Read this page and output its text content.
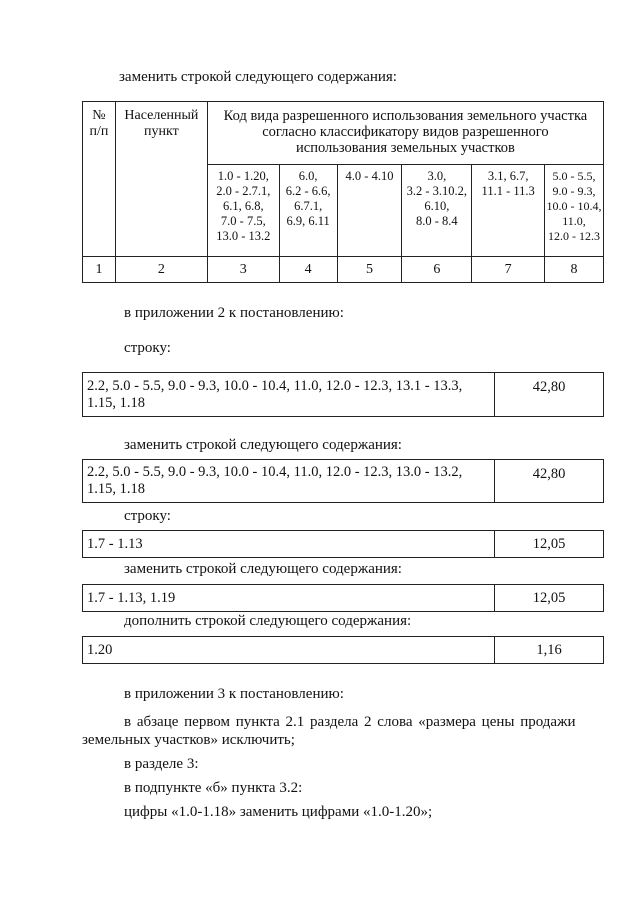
заменить строкой следующего содержания:
№ п/п	Населенный пункт	Код вида разрешенного использования земельного участка согласно классификатору видов разрешенного использования земельных участков					
		1.0 - 1.20,
2.0 - 2.7.1,
6.1, 6.8,
7.0 - 7.5,
13.0 - 13.2	6.0,
6.2 - 6.6,
6.7.1,
6.9, 6.11	4.0 - 4.10	3.0,
3.2 - 3.10.2,
6.10,
8.0 - 8.4	3.1, 6.7,
11.1 - 11.3	5.0 - 5.5,
9.0 - 9.3,
10.0 - 10.4,
11.0,
12.0 - 12.3
1	2	3	4	5	6	7	8
в приложении 2 к постановлению:
строку:
2.2, 5.0 - 5.5, 9.0 - 9.3, 10.0 - 10.4, 11.0, 12.0 - 12.3, 13.1 - 13.3,
1.15, 1.18	42,80
заменить строкой следующего содержания:
2.2, 5.0 - 5.5, 9.0 - 9.3, 10.0 - 10.4, 11.0, 12.0 - 12.3, 13.0 - 13.2,
1.15, 1.18	42,80
строку:
1.7 - 1.13	12,05
заменить строкой следующего содержания:
1.7 - 1.13, 1.19	12,05
дополнить строкой следующего содержания:
1.20	1,16
в приложении 3 к постановлению:
в абзаце первом пункта 2.1 раздела 2 слова «размера цены продажи
земельных участков» исключить;
в разделе 3:
в подпункте «б» пункта 3.2:
цифры «1.0-1.18» заменить цифрами «1.0-1.20»;
